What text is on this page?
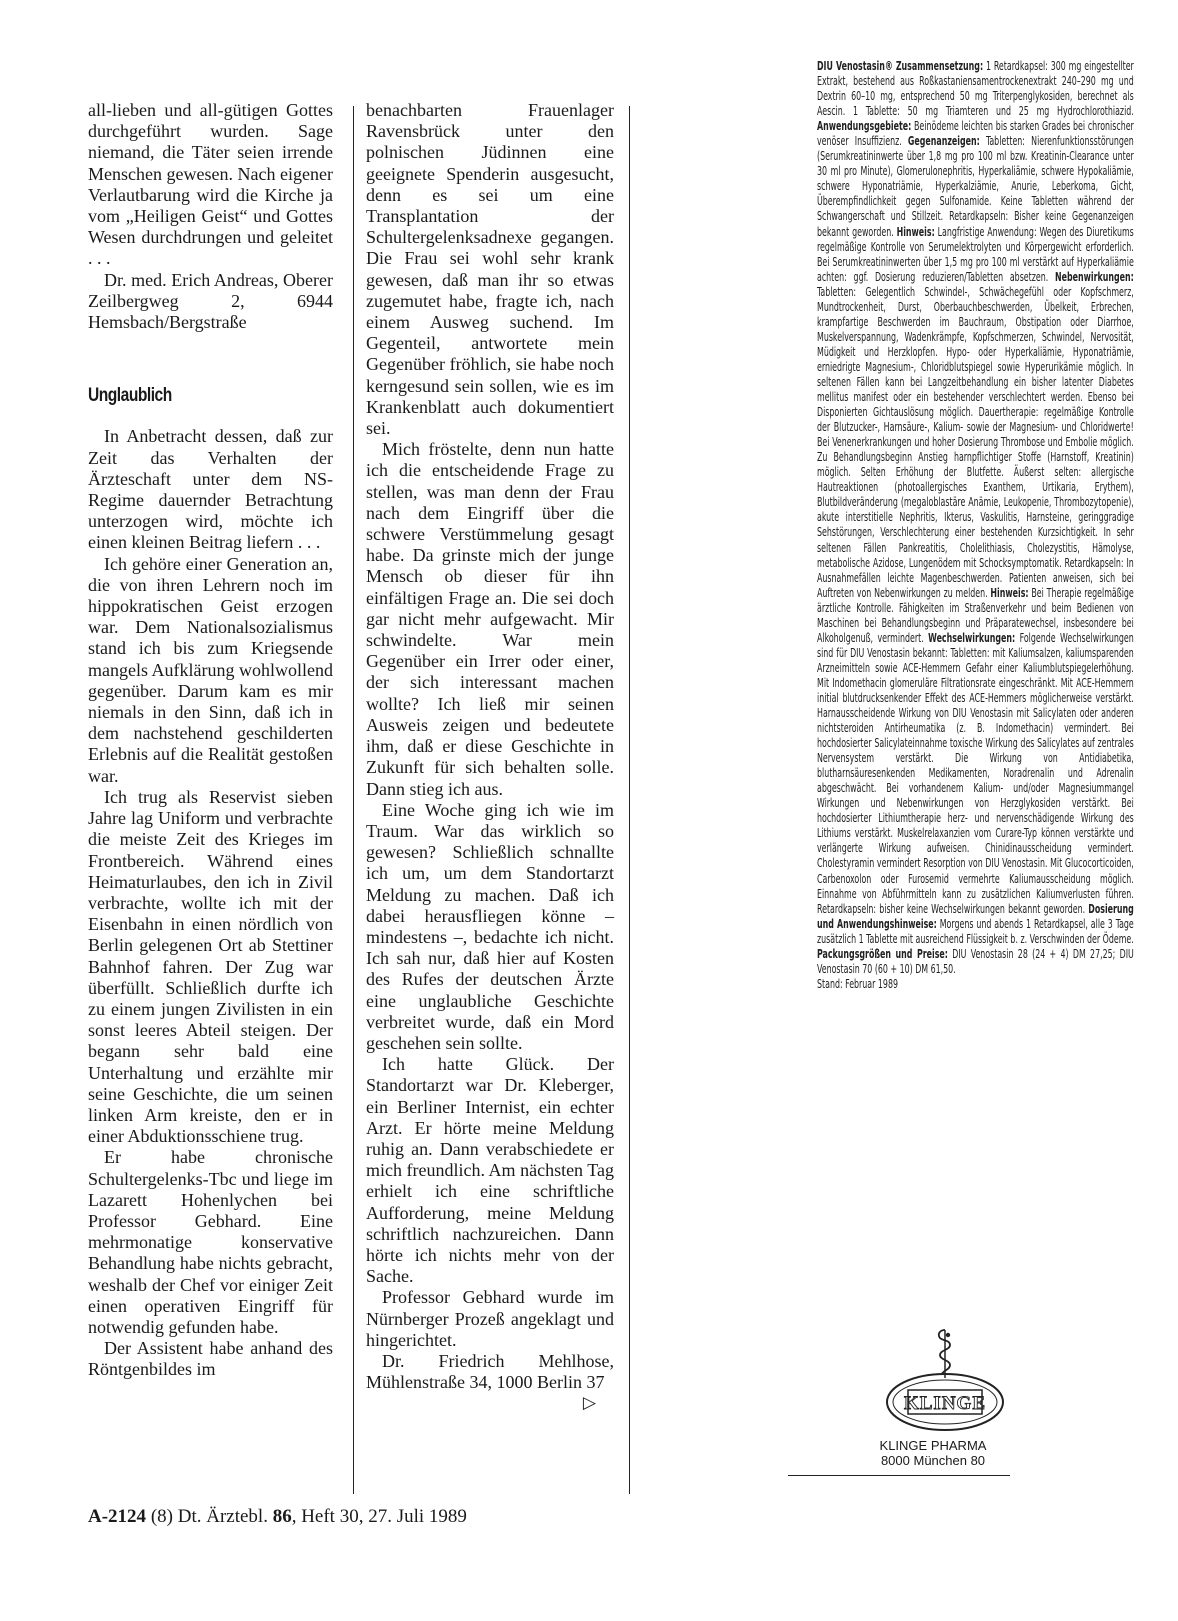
all-lieben und all-gütigen Gottes durchgeführt wurden. Sage niemand, die Täter seien irrende Menschen gewesen. Nach eigener Verlautbarung wird die Kirche ja vom „Heiligen Geist“ und Gottes Wesen durchdrungen und geleitet . . .

Dr. med. Erich Andreas, Oberer Zeilbergweg 2, 6944 Hemsbach/Bergstraße

Unglaublich

In Anbetracht dessen, daß zur Zeit das Verhalten der Ärzteschaft unter dem NS-Regime dauernder Betrachtung unterzogen wird, möchte ich einen kleinen Beitrag liefern . . .

Ich gehöre einer Generation an, die von ihren Lehrern noch im hippokratischen Geist erzogen war. Dem Nationalsozialismus stand ich bis zum Kriegsende mangels Aufklärung wohlwollend gegenüber. Darum kam es mir niemals in den Sinn, daß ich in dem nachstehend geschilderten Erlebnis auf die Realität gestoßen war.

Ich trug als Reservist sieben Jahre lag Uniform und verbrachte die meiste Zeit des Krieges im Frontbereich. Während eines Heimaturlaubes, den ich in Zivil verbrachte, wollte ich mit der Eisenbahn in einen nördlich von Berlin gelegenen Ort ab Stettiner Bahnhof fahren. Der Zug war überfüllt. Schließlich durfte ich zu einem jungen Zivilisten in ein sonst leeres Abteil steigen. Der begann sehr bald eine Unterhaltung und erzählte mir seine Geschichte, die um seinen linken Arm kreiste, den er in einer Abduktionsschiene trug.

Er habe chronische Schultergelenks-Tbc und liege im Lazarett Hohenlychen bei Professor Gebhard. Eine mehrmonatige konservative Behandlung habe nichts gebracht, weshalb der Chef vor einiger Zeit einen operativen Eingriff für notwendig gefunden habe.

Der Assistent habe anhand des Röntgenbildes im

benachbarten Frauenlager Ravensbrück unter den polnischen Jüdinnen eine geeignete Spenderin ausgesucht, denn es sei um eine Transplantation der Schultergelenksadnexe gegangen. Die Frau sei wohl sehr krank gewesen, daß man ihr so etwas zugemutet habe, fragte ich, nach einem Ausweg suchend. Im Gegenteil, antwortete mein Gegenüber fröhlich, sie habe noch kerngesund sein sollen, wie es im Krankenblatt auch dokumentiert sei.

Mich fröstelte, denn nun hatte ich die entscheidende Frage zu stellen, was man denn der Frau nach dem Eingriff über die schwere Verstümmelung gesagt habe. Da grinste mich der junge Mensch ob dieser für ihn einfältigen Frage an. Die sei doch gar nicht mehr aufgewacht. Mir schwindelte. War mein Gegenüber ein Irrer oder einer, der sich interessant machen wollte? Ich ließ mir seinen Ausweis zeigen und bedeutete ihm, daß er diese Geschichte in Zukunft für sich behalten solle. Dann stieg ich aus.

Eine Woche ging ich wie im Traum. War das wirklich so gewesen? Schließlich schnallte ich um, um dem Standortarzt Meldung zu machen. Daß ich dabei herausfliegen könne – mindestens –, bedachte ich nicht. Ich sah nur, daß hier auf Kosten des Rufes der deutschen Ärzte eine unglaubliche Geschichte verbreitet wurde, daß ein Mord geschehen sein sollte.

Ich hatte Glück. Der Standortarzt war Dr. Kleberger, ein Berliner Internist, ein echter Arzt. Er hörte meine Meldung ruhig an. Dann verabschiedete er mich freundlich. Am nächsten Tag erhielt ich eine schriftliche Aufforderung, meine Meldung schriftlich nachzureichen. Dann hörte ich nichts mehr von der Sache.

Professor Gebhard wurde im Nürnberger Prozeß angeklagt und hingerichtet.

Dr. Friedrich Mehlhose, Mühlenstraße 34, 1000 Berlin 37
▷

DIU Venostasin® Zusammensetzung: 1 Retardkapsel: 300 mg eingestellter Extrakt, bestehend aus Roßkastaniensamentrockenextrakt 240–290 mg und Dextrin 60–10 mg, entsprechend 50 mg Triterpenglykosiden, berechnet als Aescin. 1 Tablette: 50 mg Triamteren und 25 mg Hydrochlorothiazid. Anwendungsgebiete: Beinödeme leichten bis starken Grades bei chronischer venöser Insuffizienz. Gegenanzeigen: Tabletten: Nierenfunktionsstörungen (Serumkreatininwerte über 1,8 mg pro 100 ml bzw. Kreatinin-Clearance unter 30 ml pro Minute), Glomerulonephritis, Hyperkaliämie, schwere Hypokaliämie, schwere Hyponatriämie, Hyperkalziämie, Anurie, Leberkoma, Gicht, Überempfindlichkeit gegen Sulfonamide. Keine Tabletten während der Schwangerschaft und Stillzeit. Retardkapseln: Bisher keine Gegenanzeigen bekannt geworden. Hinweis: Langfristige Anwendung: Wegen des Diuretikums regelmäßige Kontrolle von Serumelektrolyten und Körpergewicht erforderlich. Bei Serumkreatininwerten über 1,5 mg pro 100 ml verstärkt auf Hyperkaliämie achten: ggf. Dosierung reduzieren/Tabletten absetzen. Nebenwirkungen: Tabletten: Gelegentlich Schwindel-, Schwächegefühl oder Kopfschmerz, Mundtrockenheit, Durst, Oberbauchbeschwerden, Übelkeit, Erbrechen, krampfartige Beschwerden im Bauchraum, Obstipation oder Diarrhoe, Muskelverspannung, Wadenkrämpfe, Kopfschmerzen, Schwindel, Nervosität, Müdigkeit und Herzklopfen. Hypo- oder Hyperkaliämie, Hyponatriämie, erniedrigte Magnesium-, Chloridblutspiegel sowie Hyperurikämie möglich. In seltenen Fällen kann bei Langzeitbehandlung ein bisher latenter Diabetes mellitus manifest oder ein bestehender verschlechtert werden. Ebenso bei Disponierten Gichtauslösung möglich. Dauertherapie: regelmäßige Kontrolle der Blutzucker-, Harnsäure-, Kalium- sowie der Magnesium- und Chloridwerte! Bei Venenerkrankungen und hoher Dosierung Thrombose und Embolie möglich. Zu Behandlungsbeginn Anstieg harnpflichtiger Stoffe (Harnstoff, Kreatinin) möglich. Selten Erhöhung der Blutfette. Äußerst selten: allergische Hautreaktionen (photoallergisches Exanthem, Urtikaria, Erythem), Blutbildveränderung (megaloblastäre Anämie, Leukopenie, Thrombozytopenie), akute interstitielle Nephritis, Ikterus, Vaskulitis, Harnsteine, geringgradige Sehstörungen, Verschlechterung einer bestehenden Kurzsichtigkeit. In sehr seltenen Fällen Pankreatitis, Cholelithiasis, Cholezystitis, Hämolyse, metabolische Azidose, Lungenödem mit Schocksymptomatik. Retardkapseln: In Ausnahmefällen leichte Magenbeschwerden. Patienten anweisen, sich bei Auftreten von Nebenwirkungen zu melden. Hinweis: Bei Therapie regelmäßige ärztliche Kontrolle. Fähigkeiten im Straßenverkehr und beim Bedienen von Maschinen bei Behandlungsbeginn und Präparatewechsel, insbesondere bei Alkoholgenuß, vermindert. Wechselwirkungen: Folgende Wechselwirkungen sind für DIU Venostasin bekannt: Tabletten: mit Kaliumsalzen, kaliumsparenden Arzneimitteln sowie ACE-Hemmern Gefahr einer Kaliumblutspiegelerhöhung. Mit Indomethacin glomeruläre Filtrationsrate eingeschränkt. Mit ACE-Hemmern initial blutdrucksenkender Effekt des ACE-Hemmers möglicherweise verstärkt. Harnausscheidende Wirkung von DIU Venostasin mit Salicylaten oder anderen nichtsteroiden Antirheumatika (z. B. Indomethacin) vermindert. Bei hochdosierter Salicylateinnahme toxische Wirkung des Salicylates auf zentrales Nervensystem verstärkt. Die Wirkung von Antidiabetika, blutharnsäuresenkenden Medikamenten, Noradrenalin und Adrenalin abgeschwächt. Bei vorhandenem Kalium- und/oder Magnesiummangel Wirkungen und Nebenwirkungen von Herzglykosiden verstärkt. Bei hochdosierter Lithiumtherapie herz- und nervenschädigende Wirkung des Lithiums verstärkt. Muskelrelaxanzien vom Curare-Typ können verstärkte und verlängerte Wirkung aufweisen. Chinidinausscheidung vermindert. Cholestyramin vermindert Resorption von DIU Venostasin. Mit Glucocorticoiden, Carbenoxolon oder Furosemid vermehrte Kaliumausscheidung möglich. Einnahme von Abführmitteln kann zu zusätzlichen Kaliumverlusten führen. Retardkapseln: bisher keine Wechselwirkungen bekannt geworden. Dosierung und Anwendungshinweise: Morgens und abends 1 Retardkapsel, alle 3 Tage zusätzlich 1 Tablette mit ausreichend Flüssigkeit b. z. Verschwinden der Ödeme. Packungsgrößen und Preise: DIU Venostasin 28 (24 + 4) DM 27,25; DIU Venostasin 70 (60 + 10) DM 61,50.
Stand: Februar 1989
KLINGE
KLINGE PHARMA
8000 München 80
A-2124 (8) Dt. Ärztebl. 86, Heft 30, 27. Juli 1989
